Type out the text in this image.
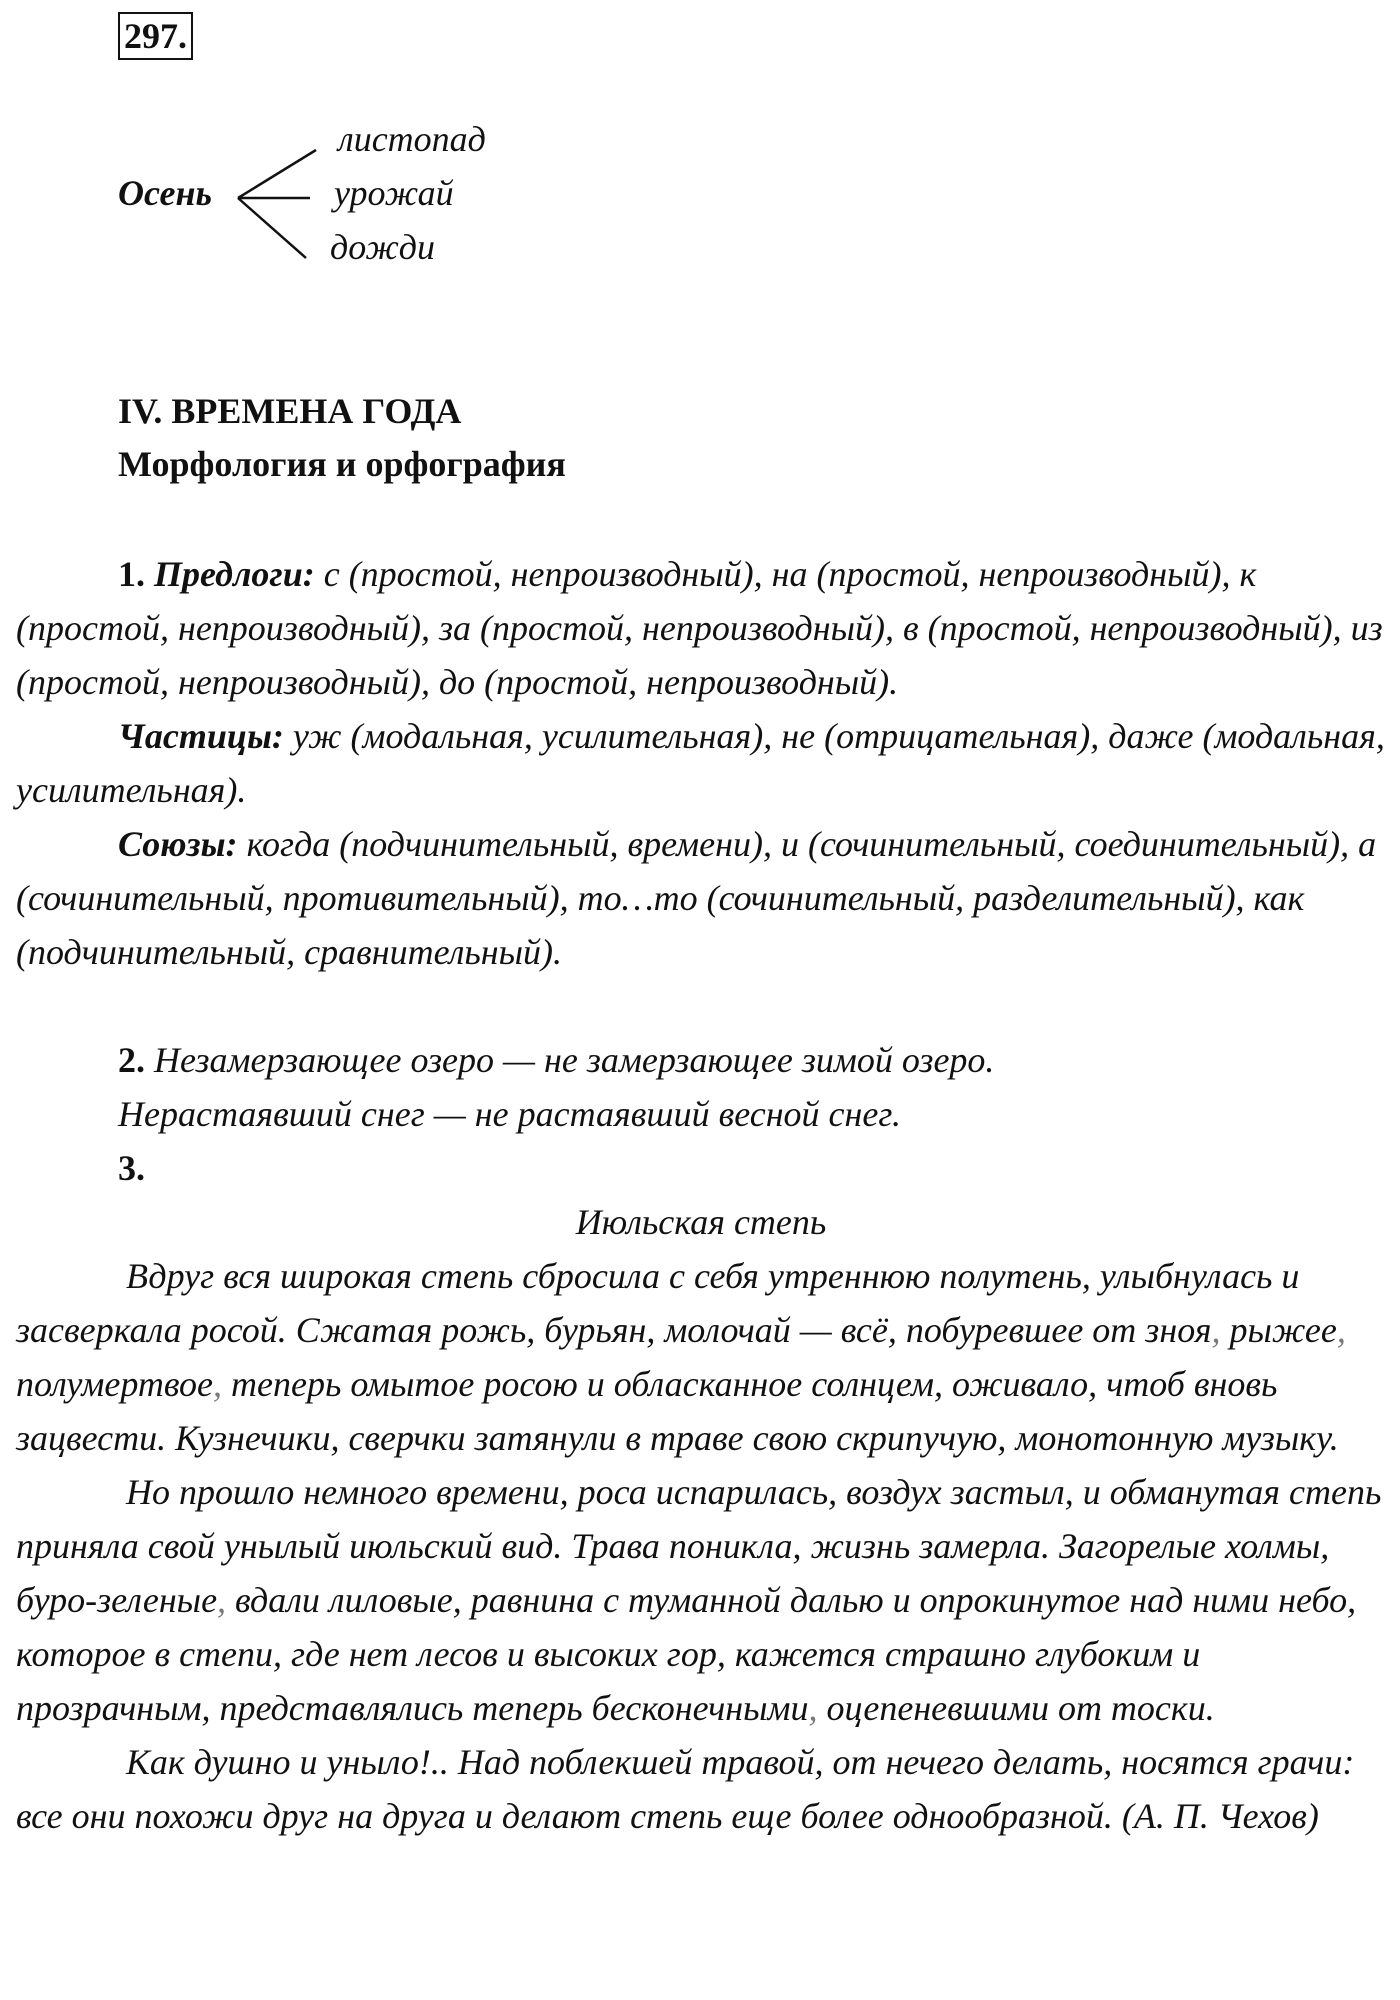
297.
Осень
листопад
урожай
дожди
IV. ВРЕМЕНА ГОДА
Морфология и орфография

1. Предлоги: с (простой, непроизводный), на (простой, непроизводный), к (простой, непроизводный), за (простой, непроизводный), в (простой, непроизводный), из (простой, непроизводный), до (простой, непроизводный).

Частицы: уж (модальная, усилительная), не (отрицательная), даже (модальная, усилительная).

Союзы: когда (подчинительный, времени), и (сочинительный, соединительный), а (сочинительный, противительный), то…то (сочинительный, разделительный), как (подчинительный, сравнительный).

2. Незамерзающее озеро — не замерзающее зимой озеро.

Нерастаявший снег — не растаявший весной снег.

3.

Июльская степь

Вдруг вся широкая степь сбросила с себя утреннюю полутень, улыбнулась и засверкала росой. Сжатая рожь, бурьян, молочай — всё, побуревшее от зноя, рыжее, полумертвое, теперь омытое росою и обласканное солнцем, оживало, чтоб вновь зацвести. Кузнечики, сверчки затянули в траве свою скрипучую, монотонную музыку.

Но прошло немного времени, роса испарилась, воздух застыл, и обманутая степь приняла свой унылый июльский вид. Трава поникла, жизнь замерла. Загорелые холмы, буро-зеленые, вдали лиловые, равнина с туманной далью и опрокинутое над ними небо, которое в степи, где нет лесов и высоких гор, кажется страшно глубоким и прозрачным, представлялись теперь бесконечными, оцепеневшими от тоски.

Как душно и уныло!.. Над поблекшей травой, от нечего делать, носятся грачи: все они похожи друг на друга и делают степь еще более однообразной. (А. П. Чехов)
